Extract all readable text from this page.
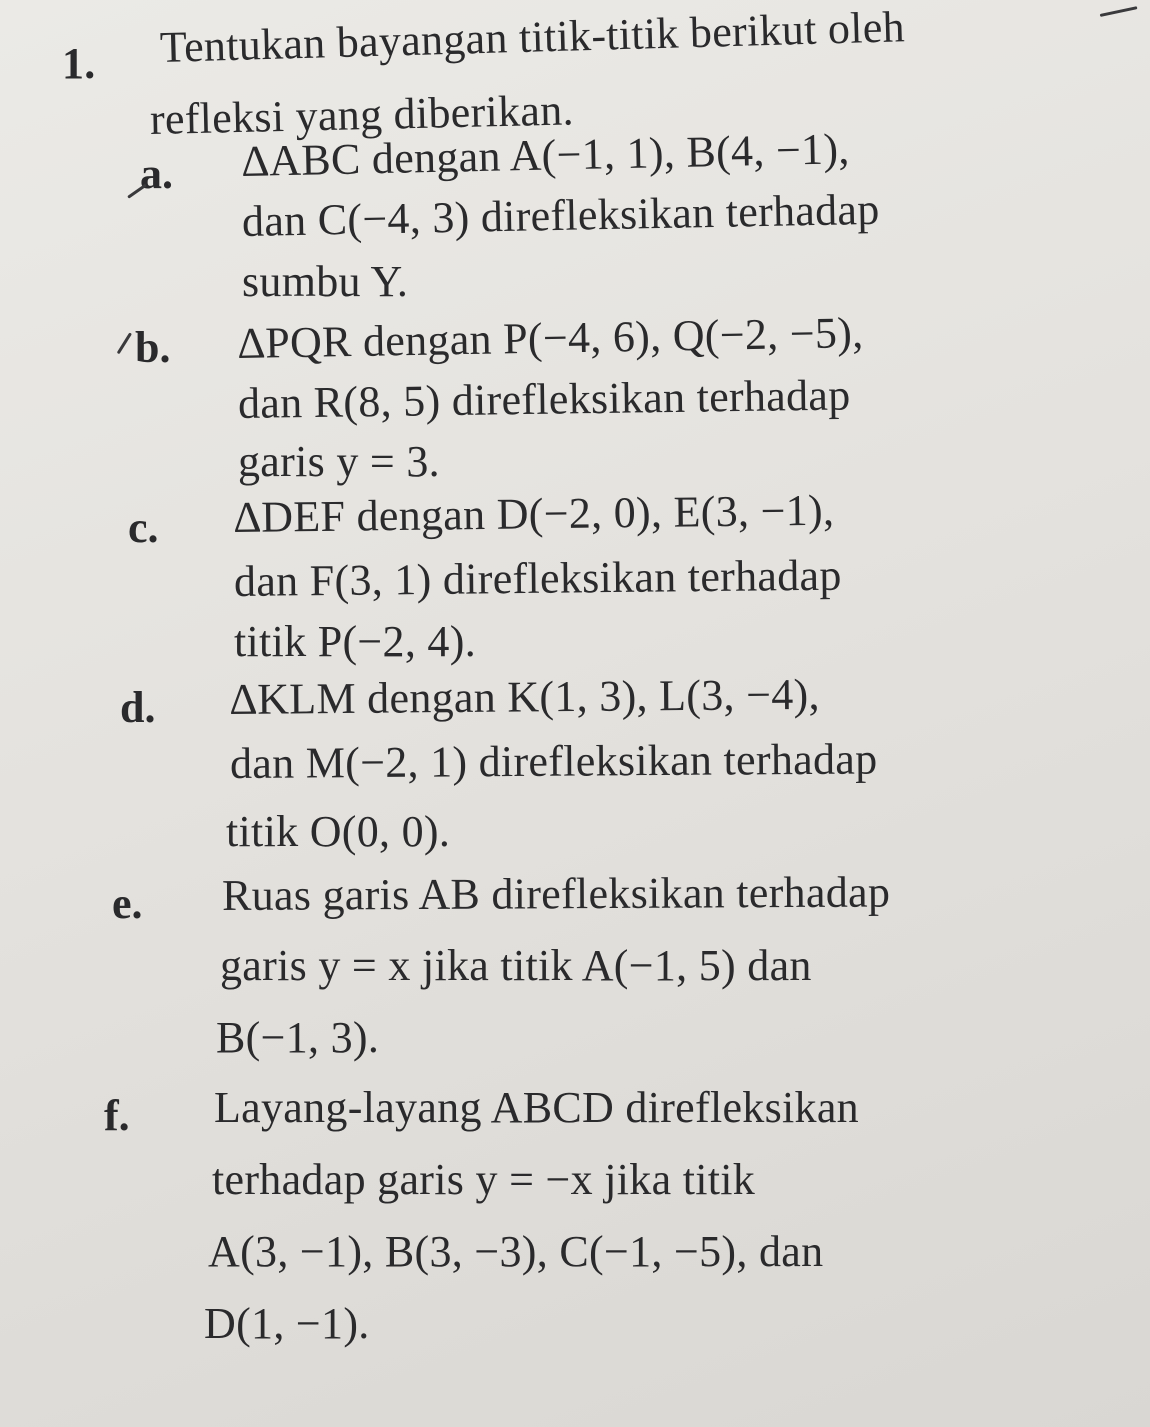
1. Tentukan bayangan titik-titik berikut oleh
refleksi yang diberikan.
a. ∆ABC dengan A(−1, 1), B(4, −1),
dan C(−4, 3) direfleksikan terhadap
sumbu Y.
b. ∆PQR dengan P(−4, 6), Q(−2, −5),
dan R(8, 5) direfleksikan terhadap
garis y = 3.
c. ∆DEF dengan D(−2, 0), E(3, −1),
dan F(3, 1) direfleksikan terhadap
titik P(−2, 4).
d. ∆KLM dengan K(1, 3), L(3, −4),
dan M(−2, 1) direfleksikan terhadap
titik O(0, 0).
e. Ruas garis AB direfleksikan terhadap
garis y = x jika titik A(−1, 5) dan
B(−1, 3).
f. Layang-layang ABCD direfleksikan
terhadap garis y = −x jika titik
A(3, −1), B(3, −3), C(−1, −5), dan
D(1, −1).
